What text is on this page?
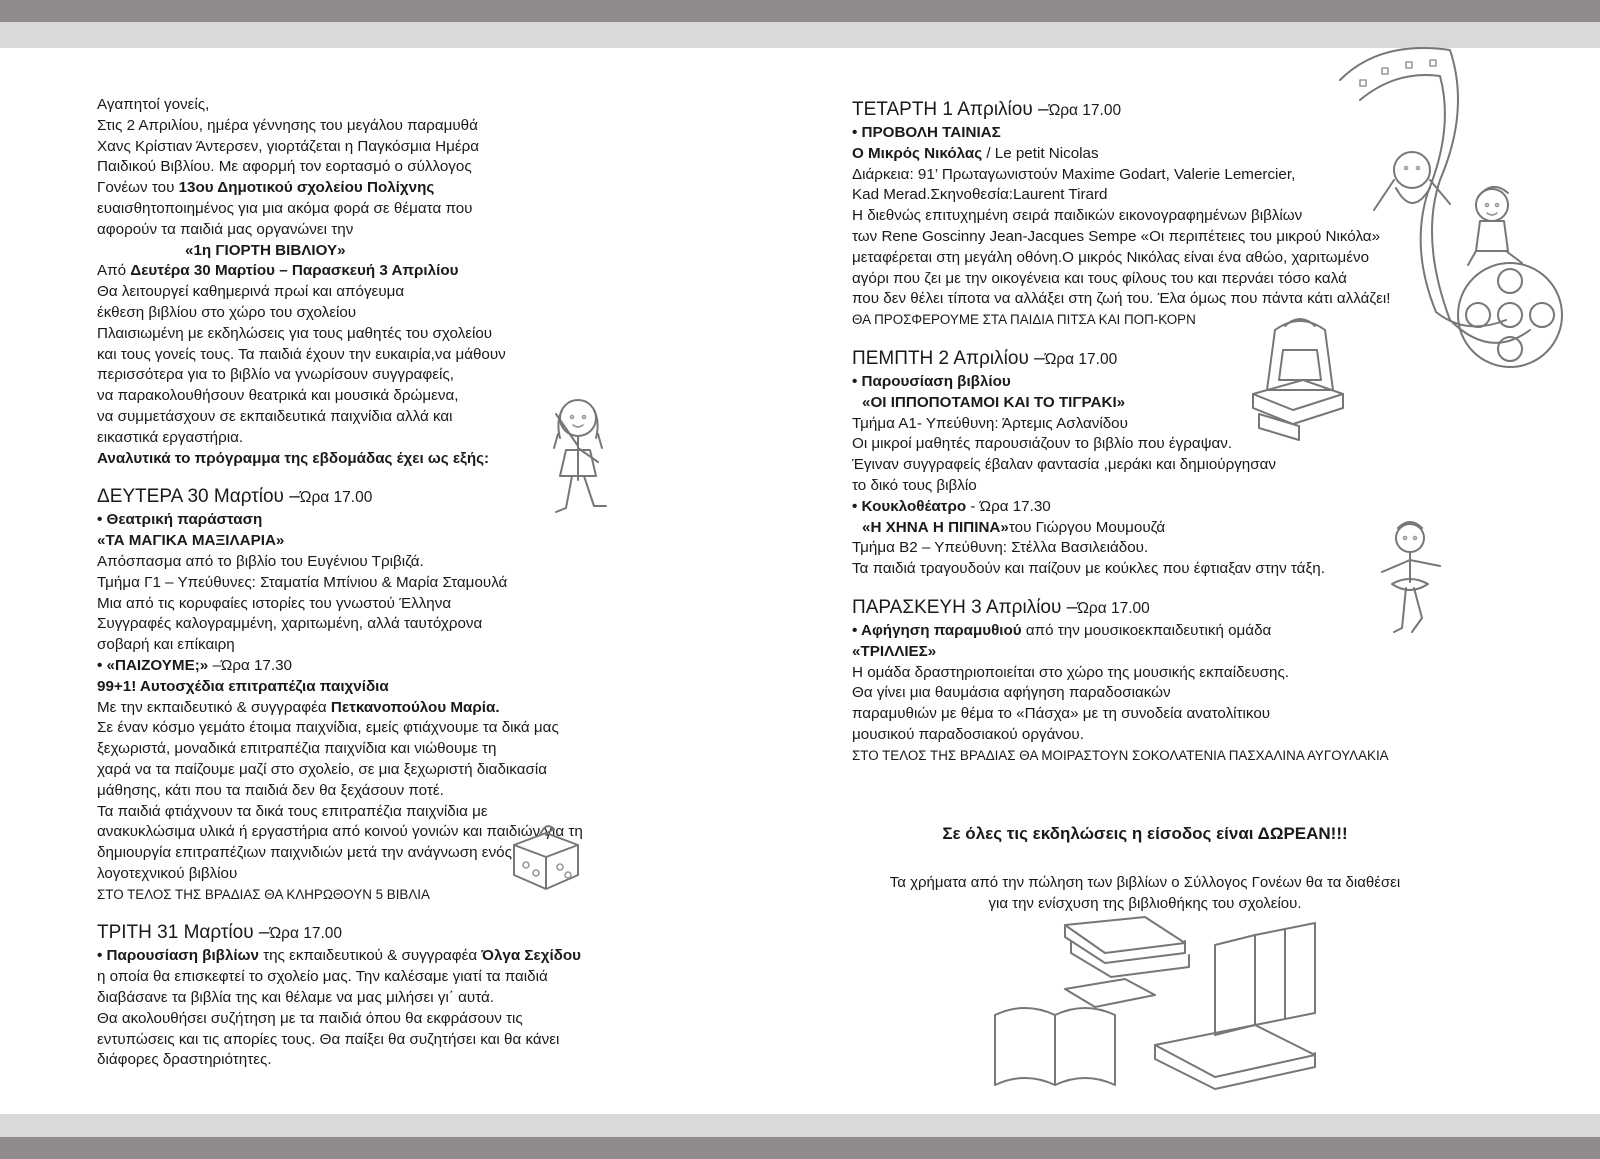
Αγαπητοί γονείς,

Στις 2 Απριλίου, ημέρα γέννησης του μεγάλου παραμυθά

Χανς Κρίστιαν Άντερσεν, γιορτάζεται η Παγκόσμια Ημέρα

Παιδικού Βιβλίου. Με αφορμή τον εορτασμό ο σύλλογος

Γονέων του 13ου Δημοτικού σχολείου Πολίχνης

ευαισθητοποιημένος για μια ακόμα φορά σε θέματα που

αφορούν τα παιδιά μας οργανώνει την

«1η ΓΙΟΡΤΗ ΒΙΒΛΙΟΥ»

Από Δευτέρα 30 Μαρτίου – Παρασκευή 3 Απριλίου

Θα λειτουργεί καθημερινά πρωί και απόγευμα

έκθεση βιβλίου στο χώρο του σχολείου

Πλαισιωμένη με εκδηλώσεις για τους μαθητές του σχολείου

και τους γονείς τους. Τα παιδιά έχουν την ευκαιρία,να μάθουν

περισσότερα για το βιβλίο να γνωρίσουν συγγραφείς,

να παρακολουθήσουν θεατρικά και μουσικά δρώμενα,

να συμμετάσχουν σε εκπαιδευτικά παιχνίδια αλλά και

εικαστικά εργαστήρια.

Αναλυτικά το πρόγραμμα της εβδομάδας έχει ως εξής:

ΔΕΥΤΕΡΑ 30 Μαρτίου –Ώρα 17.00

• Θεατρική παράσταση

«ΤΑ ΜΑΓΙΚΑ ΜΑΞΙΛΑΡΙΑ»

Απόσπασμα από το βιβλίο του Ευγένιου Τριβιζά.

Τμήμα Γ1 – Υπεύθυνες: Σταματία Μπίνιου & Μαρία Σταμουλά

Μια από τις κορυφαίες ιστορίες του γνωστού Έλληνα

Συγγραφές καλογραμμένη, χαριτωμένη, αλλά ταυτόχρονα

σοβαρή και επίκαιρη

• «ΠΑΙΖΟΥΜΕ;» –Ώρα 17.30

99+1! Αυτοσχέδια επιτραπέζια παιχνίδια

Με την εκπαιδευτικό & συγγραφέα Πετκανοπούλου Μαρία.

Σε έναν κόσμο γεμάτο έτοιμα παιχνίδια, εμείς φτιάχνουμε τα δικά μας

ξεχωριστά, μοναδικά επιτραπέζια παιχνίδια και νιώθουμε τη

χαρά να τα παίζουμε μαζί στο σχολείο, σε μια ξεχωριστή διαδικασία

μάθησης, κάτι που τα παιδιά δεν θα ξεχάσουν ποτέ.

Τα παιδιά φτιάχνουν τα δικά τους επιτραπέζια παιχνίδια με

ανακυκλώσιμα υλικά ή εργαστήρια από κοινού γονιών και παιδιών για τη

δημιουργία επιτραπέζιων παιχνιδιών μετά την ανάγνωση ενός

λογοτεχνικού βιβλίου

ΣΤΟ ΤΕΛΟΣ ΤΗΣ ΒΡΑΔΙΑΣ ΘΑ ΚΛΗΡΩΘΟΥΝ 5 ΒΙΒΛΙΑ

ΤΡΙΤΗ 31 Μαρτίου –Ώρα 17.00

• Παρουσίαση βιβλίων της εκπαιδευτικού & συγγραφέα Όλγα Σεχίδου

η οποία θα επισκεφτεί το σχολείο μας. Την καλέσαμε γιατί τα παιδιά

διαβάσανε τα βιβλία της και θέλαμε να μας μιλήσει γι΄ αυτά.

Θα ακολουθήσει συζήτηση με τα παιδιά όπου θα εκφράσουν τις

εντυπώσεις και τις απορίες τους. Θα παίξει θα συζητήσει και θα κάνει

διάφορες δραστηριότητες.

ΤΕΤΑΡΤΗ 1 Απριλίου –Ώρα 17.00

• ΠΡΟΒΟΛΗ ΤΑΙΝΙΑΣ

Ο Μικρός Νικόλας / Le petit Nicolas

Διάρκεια: 91’ Πρωταγωνιστούν Maxime Godart, Valerie Lemercier,

Kad Merad.Σκηνοθεσία:Laurent Tirard

Η διεθνώς επιτυχημένη σειρά παιδικών εικονογραφημένων βιβλίων

των Rene Goscinny Jean-Jacques Sempe «Οι περιπέτειες του μικρού Νικόλα»

μεταφέρεται στη μεγάλη οθόνη.Ο μικρός Νικόλας είναι ένα αθώο, χαριτωμένο

αγόρι που ζει με την οικογένεια και τους φίλους του και περνάει τόσο καλά

που δεν θέλει τίποτα να αλλάξει στη ζωή του. Έλα όμως που πάντα κάτι αλλάζει!

ΘΑ ΠΡΟΣΦΕΡΟΥΜΕ ΣΤΑ ΠΑΙΔΙΑ ΠΙΤΣΑ ΚΑΙ ΠΟΠ-ΚΟΡΝ

ΠΕΜΠΤΗ 2 Απριλίου –Ώρα 17.00

• Παρουσίαση βιβλίου

«ΟΙ ΙΠΠΟΠΟΤΑΜΟΙ ΚΑΙ ΤΟ ΤΙΓΡΑΚΙ»

Τμήμα Α1- Υπεύθυνη: Άρτεμις Ασλανίδου

Οι μικροί μαθητές παρουσιάζουν το βιβλίο που έγραψαν.

Έγιναν συγγραφείς έβαλαν φαντασία ,μεράκι και δημιούργησαν

το δικό τους βιβλίο

• Κουκλοθέατρο - Ώρα 17.30

«Η ΧΗΝΑ Η ΠΙΠΙΝΑ»του Γιώργου Μουμουζά

Τμήμα Β2 – Υπεύθυνη: Στέλλα Βασιλειάδου.

Τα παιδιά τραγουδούν και παίζουν με κούκλες που έφτιαξαν στην τάξη.

ΠΑΡΑΣΚΕΥΗ 3 Απριλίου –Ώρα 17.00

• Αφήγηση παραμυθιού από την μουσικοεκπαιδευτική ομάδα

«ΤΡΙΛΛΙΕΣ»

Η ομάδα δραστηριοποιείται στο χώρο της μουσικής εκπαίδευσης.

Θα γίνει μια θαυμάσια αφήγηση παραδοσιακών

παραμυθιών με θέμα το «Πάσχα» με τη συνοδεία ανατολίτικου

μουσικού παραδοσιακού οργάνου.

ΣΤΟ ΤΕΛΟΣ ΤΗΣ ΒΡΑΔΙΑΣ ΘΑ ΜΟΙΡΑΣΤΟΥΝ ΣΟΚΟΛΑΤΕΝΙΑ ΠΑΣΧΑΛΙΝΑ ΑΥΓΟΥΛΑΚΙΑ

Σε όλες τις εκδηλώσεις η είσοδος είναι ΔΩΡΕΑΝ!!!

Τα χρήματα από την πώληση των βιβλίων ο Σύλλογος Γονέων θα τα διαθέσει

για την ενίσχυση της βιβλιοθήκης του σχολείου.
